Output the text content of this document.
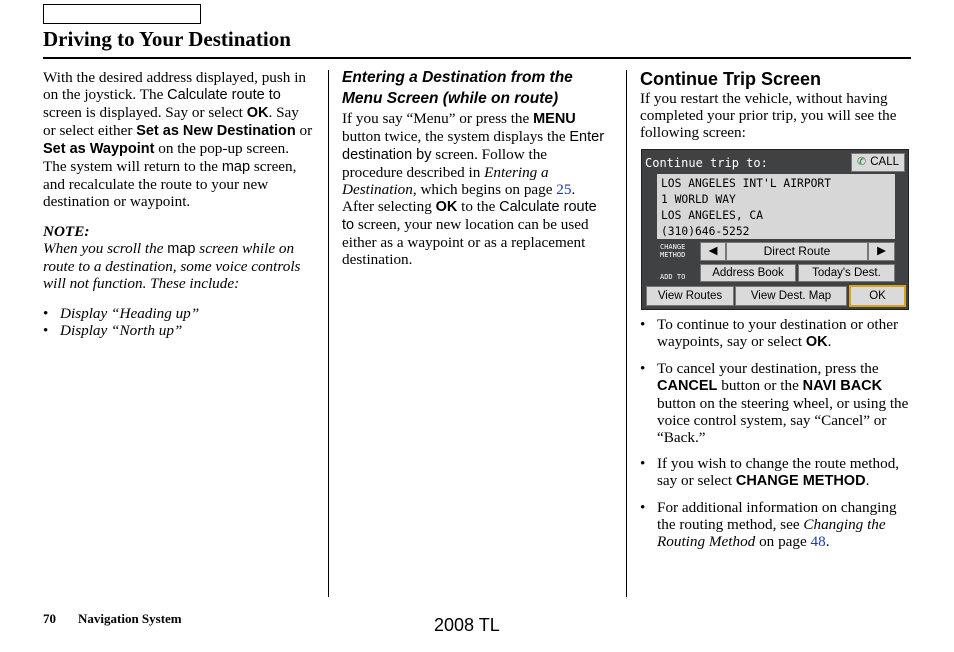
Driving to Your Destination

With the desired address displayed, push in on the joystick. The Calculate route to screen is displayed. Say or select OK. Say or select either Set as New Destination or Set as Waypoint on the pop-up screen. The system will return to the map screen, and recalculate the route to your new destination or waypoint.

NOTE:

When you scroll the map screen while on route to a destination, some voice controls will not function. These include:

• Display “Heading up”
• Display “North up”

Entering a Destination from the Menu Screen (while on route)

If you say “Menu” or press the MENU button twice, the system displays the Enter destination by screen. Follow the procedure described in Entering a Destination, which begins on page 25. After selecting OK to the Calculate route to screen, your new location can be used either as a waypoint or as a replacement destination.

Continue Trip Screen

If you restart the vehicle, without having completed your prior trip, you will see the following screen:

Continue trip to:	✆ CALL
LOS ANGELES INT'L AIRPORT
1 WORLD WAY
LOS ANGELES, CA
(310)646-5252
CHANGE
METHOD ◀	Direct Route	▶
ADD TO	Address Book	Today's Dest.
View Routes	View Dest. Map	OK
• To continue to your destination or other waypoints, say or select OK.
• To cancel your destination, press the CANCEL button or the NAVI BACK button on the steering wheel, or using the voice control system, say “Cancel” or “Back.”
• If you wish to change the route method, say or select CHANGE METHOD.
• For additional information on changing the routing method, see Changing the Routing Method on page 48.
70 Navigation System	2008 TL
